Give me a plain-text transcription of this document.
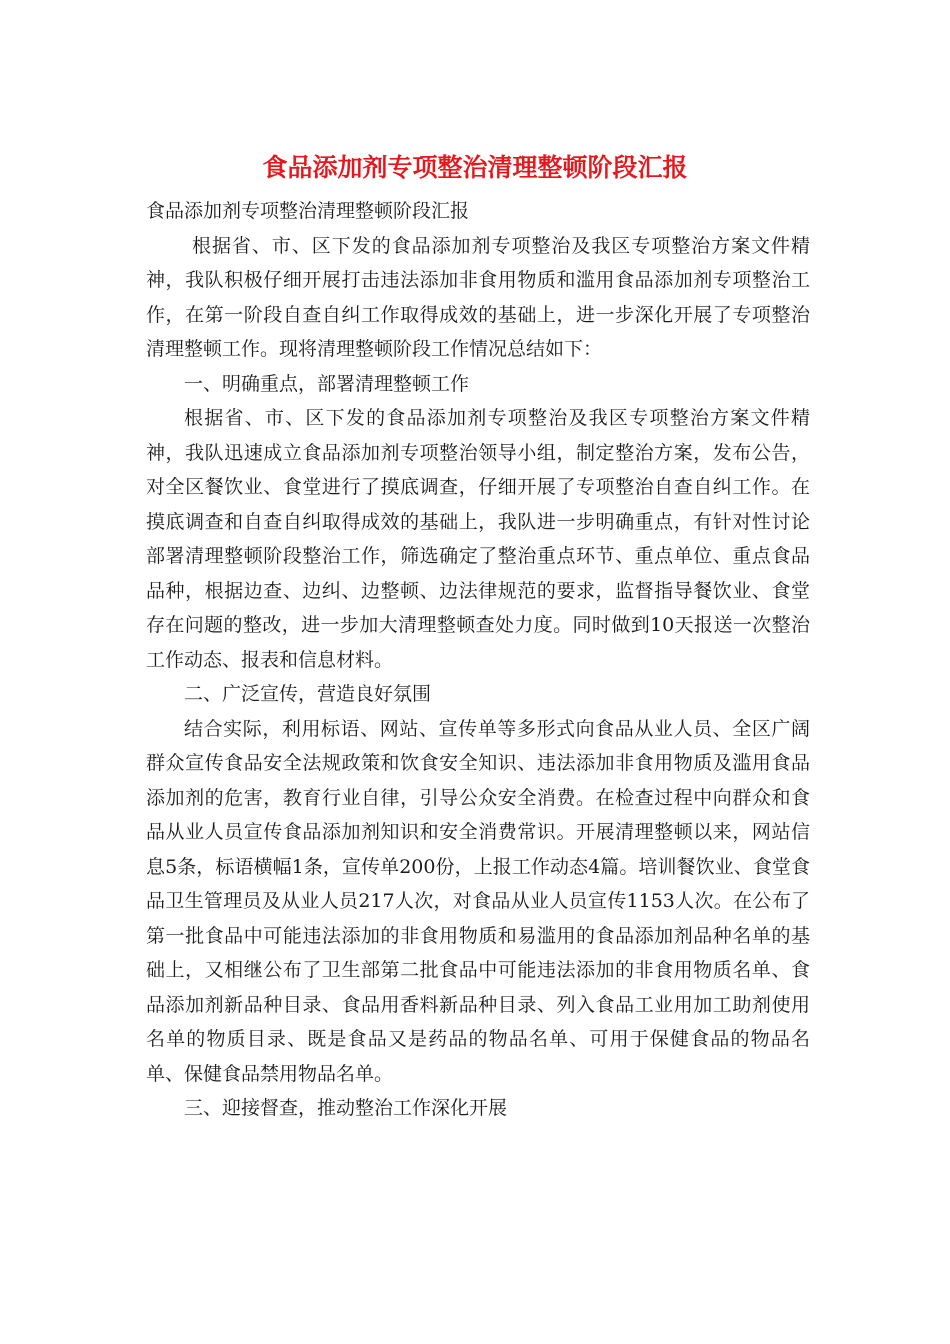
食品添加剂专项整治清理整顿阶段汇报

食品添加剂专项整治清理整顿阶段汇报

根据省、市、区下发的食品添加剂专项整治及我区专项整治方案文件精神，我队积极仔细开展打击违法添加非食用物质和滥用食品添加剂专项整治工作，在第一阶段自查自纠工作取得成效的基础上，进一步深化开展了专项整治清理整顿工作。现将清理整顿阶段工作情况总结如下：

一、明确重点，部署清理整顿工作

根据省、市、区下发的食品添加剂专项整治及我区专项整治方案文件精神，我队迅速成立食品添加剂专项整治领导小组，制定整治方案，发布公告，对全区餐饮业、食堂进行了摸底调查，仔细开展了专项整治自查自纠工作。在摸底调查和自查自纠取得成效的基础上，我队进一步明确重点，有针对性讨论部署清理整顿阶段整治工作，筛选确定了整治重点环节、重点单位、重点食品品种，根据边查、边纠、边整顿、边法律规范的要求，监督指导餐饮业、食堂存在问题的整改，进一步加大清理整顿查处力度。同时做到10天报送一次整治工作动态、报表和信息材料。

二、广泛宣传，营造良好氛围

结合实际，利用标语、网站、宣传单等多形式向食品从业人员、全区广阔群众宣传食品安全法规政策和饮食安全知识、违法添加非食用物质及滥用食品添加剂的危害，教育行业自律，引导公众安全消费。在检查过程中向群众和食品从业人员宣传食品添加剂知识和安全消费常识。开展清理整顿以来，网站信息5条，标语横幅1条，宣传单200份，上报工作动态4篇。培训餐饮业、食堂食品卫生管理员及从业人员217人次，对食品从业人员宣传1153人次。在公布了第一批食品中可能违法添加的非食用物质和易滥用的食品添加剂品种名单的基础上，又相继公布了卫生部第二批食品中可能违法添加的非食用物质名单、食品添加剂新品种目录、食品用香料新品种目录、列入食品工业用加工助剂使用名单的物质目录、既是食品又是药品的物品名单、可用于保健食品的物品名单、保健食品禁用物品名单。

三、迎接督查，推动整治工作深化开展
